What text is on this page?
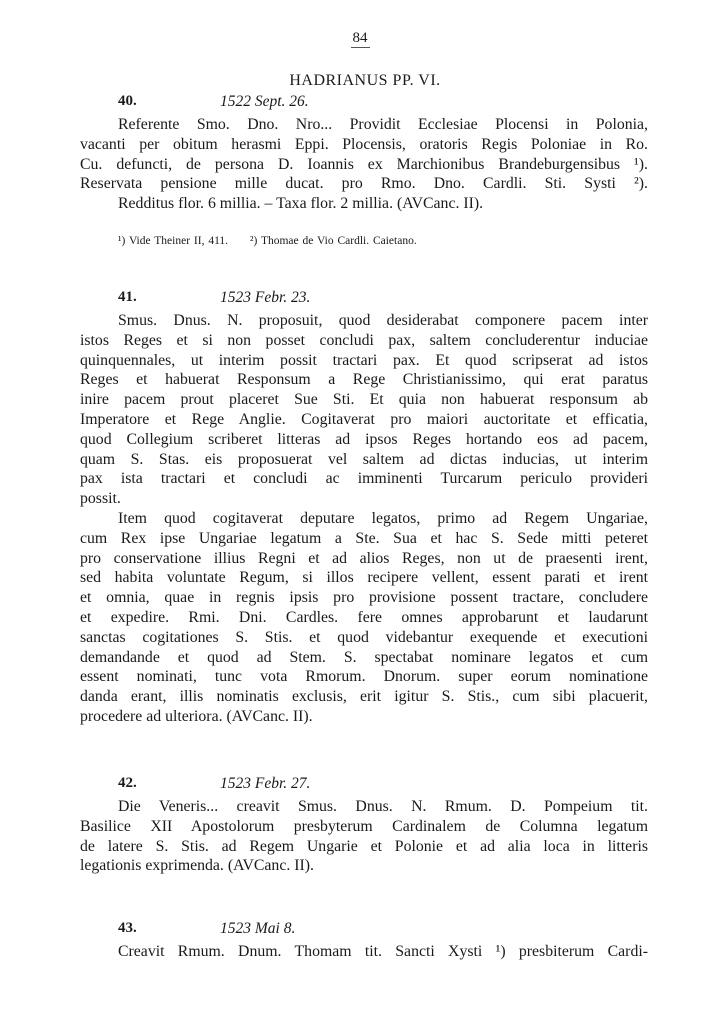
84
HADRIANUS PP. VI.
40.	1522 Sept. 26.
Referente Smo. Dno. Nro... Providit Ecclesiae Plocensi in Polonia,
vacanti per obitum herasmi Eppi. Plocensis, oratoris Regis Poloniae in Ro.
Cu. defuncti, de persona D. Ioannis ex Marchionibus Brandeburgensibus ¹).
Reservata pensione mille ducat. pro Rmo. Dno. Cardli. Sti. Systi ²).
Redditus flor. 6 millia. – Taxa flor. 2 millia. (AVCanc. II).
¹) Vide Theiner II, 411. ²) Thomae de Vio Cardli. Caietano.
41.	1523 Febr. 23.
Smus. Dnus. N. proposuit, quod desiderabat componere pacem inter
istos Reges et si non posset concludi pax, saltem concluderentur induciae
quinquennales, ut interim possit tractari pax. Et quod scripserat ad istos
Reges et habuerat Responsum a Rege Christianissimo, qui erat paratus
inire pacem prout placeret Sue Sti. Et quia non habuerat responsum ab
Imperatore et Rege Anglie. Cogitaverat pro maiori auctoritate et efficatia,
quod Collegium scriberet litteras ad ipsos Reges hortando eos ad pacem,
quam S. Stas. eis proposuerat vel saltem ad dictas inducias, ut interim
pax ista tractari et concludi ac imminenti Turcarum periculo provideri
possit.
Item quod cogitaverat deputare legatos, primo ad Regem Ungariae,
cum Rex ipse Ungariae legatum a Ste. Sua et hac S. Sede mitti peteret
pro conservatione illius Regni et ad alios Reges, non ut de praesenti irent,
sed habita voluntate Regum, si illos recipere vellent, essent parati et irent
et omnia, quae in regnis ipsis pro provisione possent tractare, concludere
et expedire. Rmi. Dni. Cardles. fere omnes approbarunt et laudarunt
sanctas cogitationes S. Stis. et quod videbantur exequende et executioni
demandande et quod ad Stem. S. spectabat nominare legatos et cum
essent nominati, tunc vota Rmorum. Dnorum. super eorum nominatione
danda erant, illis nominatis exclusis, erit igitur S. Stis., cum sibi placuerit,
procedere ad ulteriora. (AVCanc. II).
42.	1523 Febr. 27.
Die Veneris... creavit Smus. Dnus. N. Rmum. D. Pompeium tit.
Basilice XII Apostolorum presbyterum Cardinalem de Columna legatum
de latere S. Stis. ad Regem Ungarie et Polonie et ad alia loca in litteris
legationis exprimenda. (AVCanc. II).
43.	1523 Mai 8.
Creavit Rmum. Dnum. Thomam tit. Sancti Xysti ¹) presbiterum Cardi-
